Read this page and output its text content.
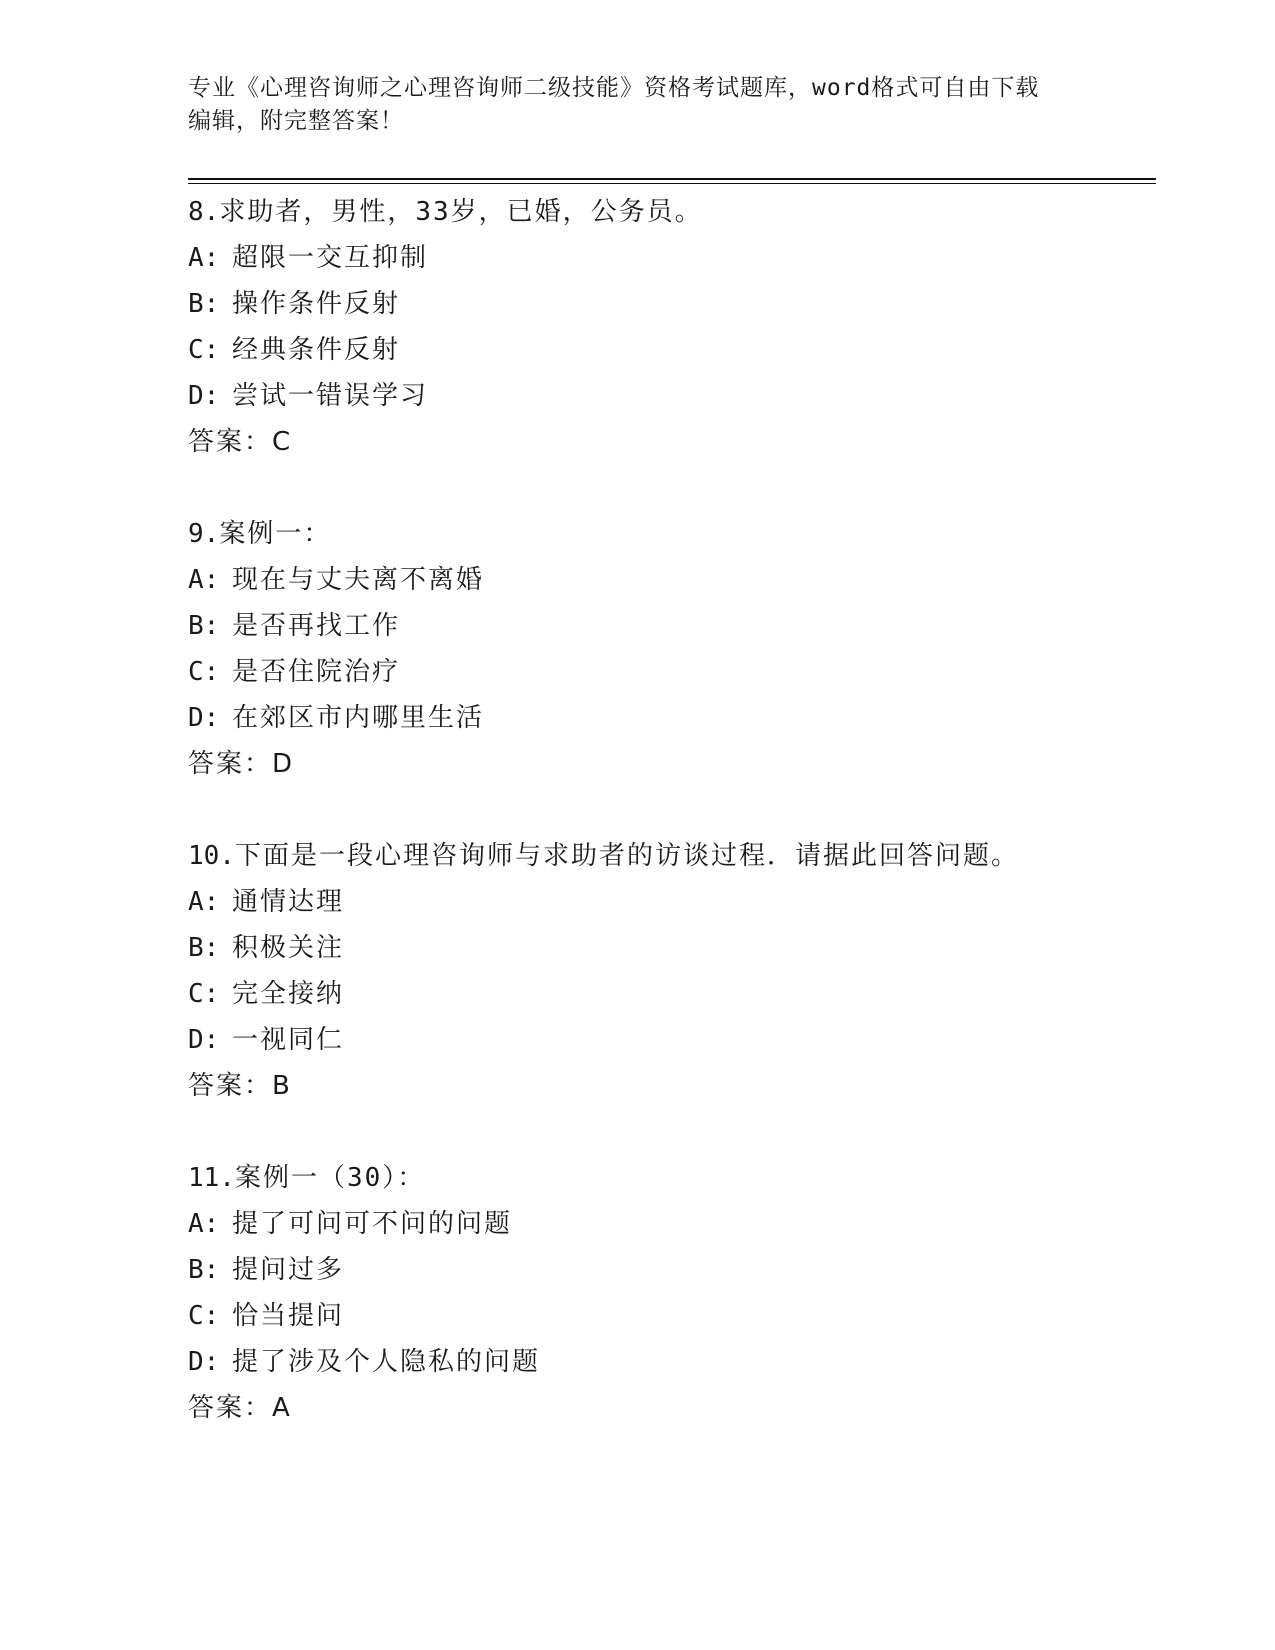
专业《心理咨询师之心理咨询师二级技能》资格考试题库，word格式可自由下载
编辑，附完整答案！
8.求助者，男性，33岁，已婚，公务员。
A: 超限一交互抑制
B: 操作条件反射
C: 经典条件反射
D: 尝试一错误学习
答案：C
9.案例一：
A: 现在与丈夫离不离婚
B: 是否再找工作
C: 是否住院治疗
D: 在郊区市内哪里生活
答案：D
10.下面是一段心理咨询师与求助者的访谈过程．请据此回答问题。
A: 通情达理
B: 积极关注
C: 完全接纳
D: 一视同仁
答案：B
11.案例一（30）：
A: 提了可问可不问的问题
B: 提问过多
C: 恰当提问
D: 提了涉及个人隐私的问题
答案：A
